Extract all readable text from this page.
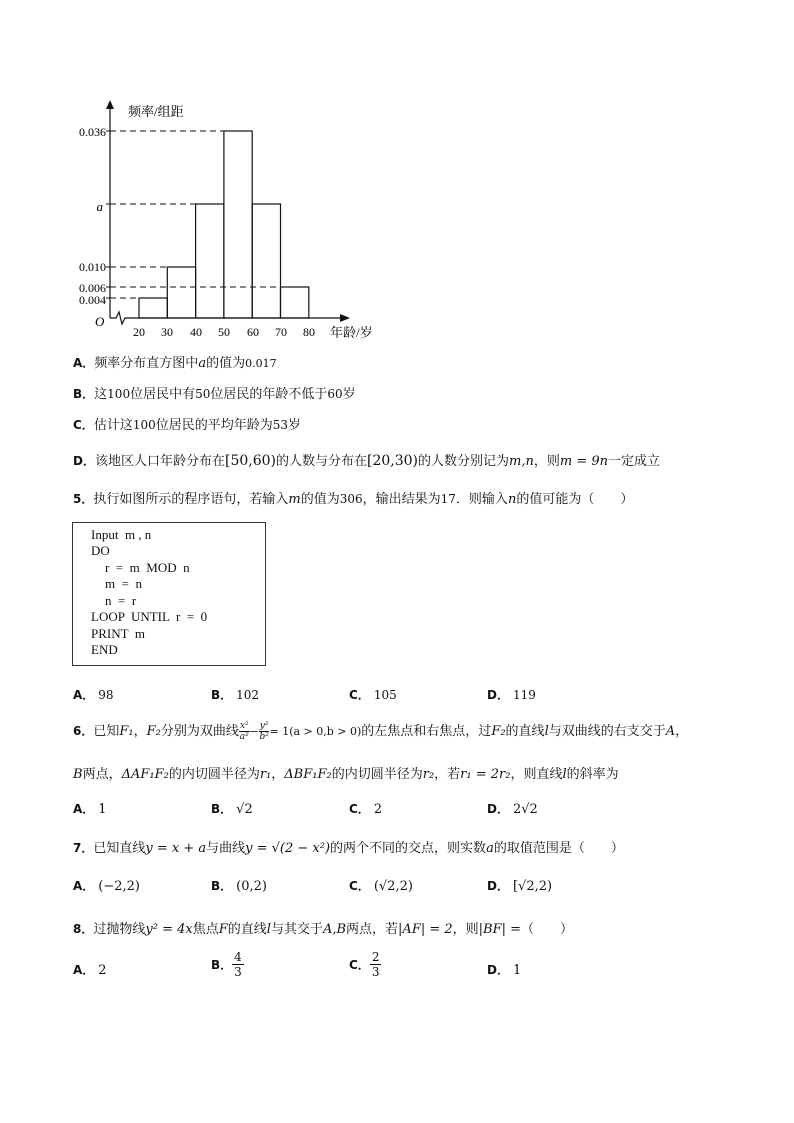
频率/组距
年龄/岁
O
0.036
a
0.010
0.006
0.004
20 30 40 50 60 70 80
A．频率分布直方图中a的值为0.017
B．这100位居民中有50位居民的年龄不低于60岁
C．估计这100位居民的平均年龄为53岁
D．该地区人口年龄分布在[50,60)的人数与分布在[20,30)的人数分别记为m,n，则m = 9n一定成立
5．执行如图所示的程序语句，若输入m的值为306，输出结果为17．则输入n的值可能为（　　）
Input  m , n
DO
r  =  m  MOD  n
m  =  n
n  =  r
LOOP  UNTIL  r  =  0
PRINT  m
END
A． 98	B． 102	C． 105	D． 119
6．已知F₁，F₂分别为双曲线 $\frac{\text{x²}}{\text{a²}} - \frac{\text{y²}}{\text{b²}} = 1(a > 0,b > 0)$的左焦点和右焦点，过F₂的直线l与双曲线的右支交于A，
B两点，ΔAF₁F₂的内切圆半径为r₁，ΔBF₁F₂的内切圆半径为r₂，若r₁ = 2r₂，则直线l的斜率为
A． 1	B． √2	C． 2	D． 2√2
7．已知直线y = x + a与曲线y = √(2 − x²)的两个不同的交点，则实数a的取值范围是（　　）
A． (−2,2)	B． (0,2)	C． (√2,2)	D． [√2,2)
8．过抛物线y² = 4x焦点F的直线l与其交于A,B两点，若|AF| = 2，则|BF| =（　　）
A． 2	B． $\frac{4}{3}$	C． $\frac{2}{3}$	D． 1
